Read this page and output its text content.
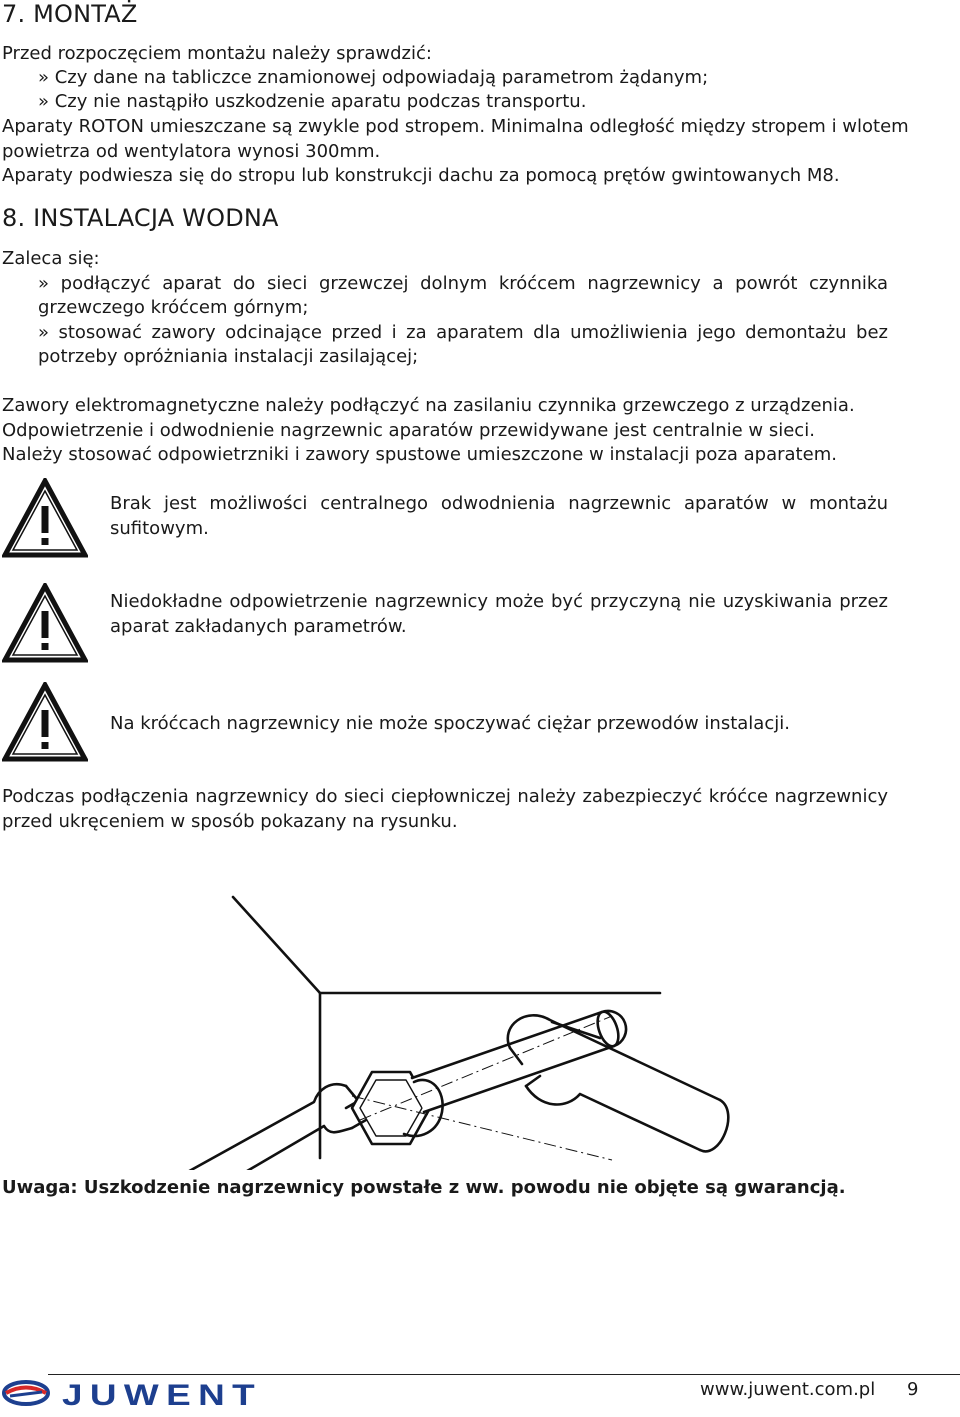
7. MONTAŻ
Przed rozpoczęciem montażu należy sprawdzić:
» Czy dane na tabliczce znamionowej odpowiadają parametrom żądanym;
» Czy nie nastąpiło uszkodzenie aparatu podczas transportu.
Aparaty ROTON umieszczane są zwykle pod stropem. Minimalna odległość między stropem i wlotem
powietrza od wentylatora wynosi 300mm.
Aparaty podwiesza się do stropu lub konstrukcji dachu za pomocą prętów gwintowanych M8.
8. INSTALACJA WODNA
Zaleca się:
» podłączyć aparat do sieci grzewczej dolnym króćcem nagrzewnicy a powrót czynnika
grzewczego króćcem górnym;
» stosować zawory odcinające przed i za aparatem dla umożliwienia jego demontażu bez
potrzeby opróżniania instalacji zasilającej;
Zawory elektromagnetyczne należy podłączyć na zasilaniu czynnika grzewczego z urządzenia.
Odpowietrzenie i odwodnienie nagrzewnic aparatów przewidywane jest centralnie w sieci.
Należy stosować odpowietrzniki i zawory spustowe umieszczone w instalacji poza aparatem.
Brak jest możliwości centralnego odwodnienia nagrzewnic aparatów w montażu
sufitowym.
Niedokładne odpowietrzenie nagrzewnicy może być przyczyną nie uzyskiwania przez
aparat zakładanych parametrów.
Na króćcach nagrzewnicy nie może spoczywać ciężar przewodów instalacji.
Podczas podłączenia nagrzewnicy do sieci ciepłowniczej należy zabezpieczyć króćce nagrzewnicy
przed ukręceniem w sposób pokazany na rysunku.
Uwaga: Uszkodzenie nagrzewnicy powstałe z ww. powodu nie objęte są gwarancją.
JUWENT	www.juwent.com.pl 9
